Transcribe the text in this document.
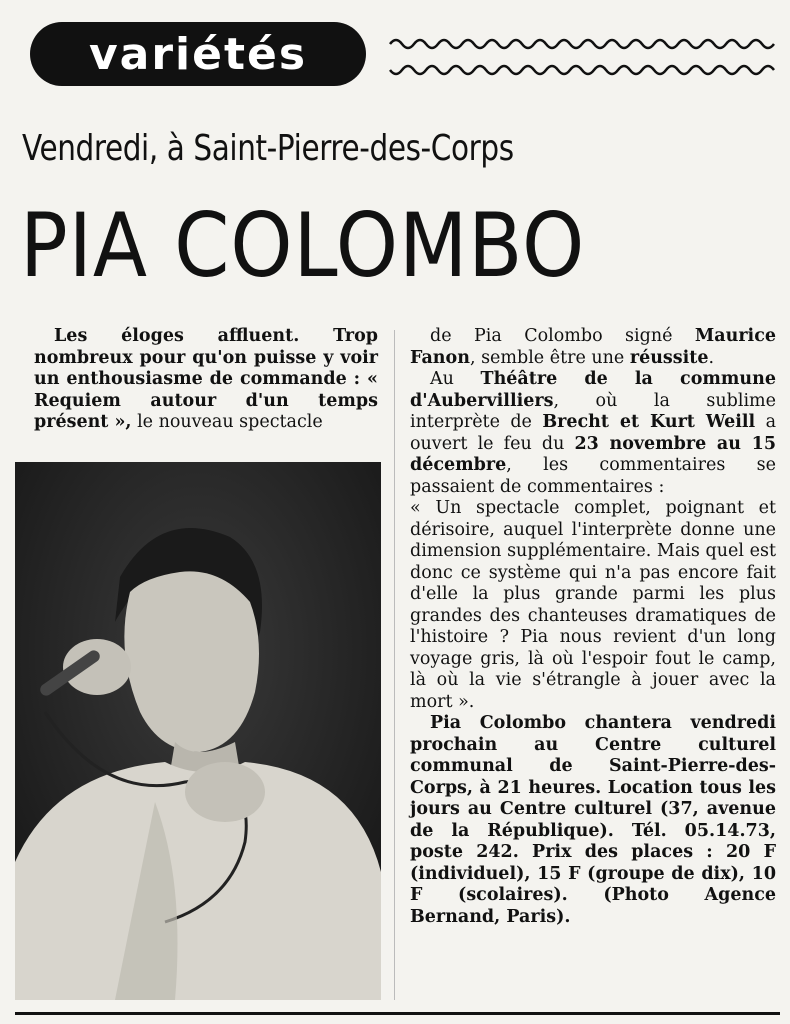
variétés
Vendredi, à Saint-Pierre-des-Corps
PIA COLOMBO

Les éloges affluent. Trop nombreux pour qu'on puisse y voir un enthousiasme de commande : « Requiem autour d'un temps présent », le nouveau spectacle

de Pia Colombo signé Maurice Fanon, semble être une réussite.

Au Théâtre de la commune d'Aubervilliers, où la sublime interprète de Brecht et Kurt Weill a ouvert le feu du 23 novembre au 15 décembre, les commentaires se passaient de commentaires :

« Un spectacle complet, poignant et dérisoire, auquel l'interprète donne une dimension supplémentaire. Mais quel est donc ce système qui n'a pas encore fait d'elle la plus grande parmi les plus grandes des chanteuses dramatiques de l'histoire ? Pia nous revient d'un long voyage gris, là où l'espoir fout le camp, là où la vie s'étrangle à jouer avec la mort ».

Pia Colombo chantera vendredi prochain au Centre culturel communal de Saint-Pierre-des-Corps, à 21 heures. Location tous les jours au Centre culturel (37, avenue de la République). Tél. 05.14.73, poste 242. Prix des places : 20 F (individuel), 15 F (groupe de dix), 10 F (scolaires). (Photo Agence Bernand, Paris).
